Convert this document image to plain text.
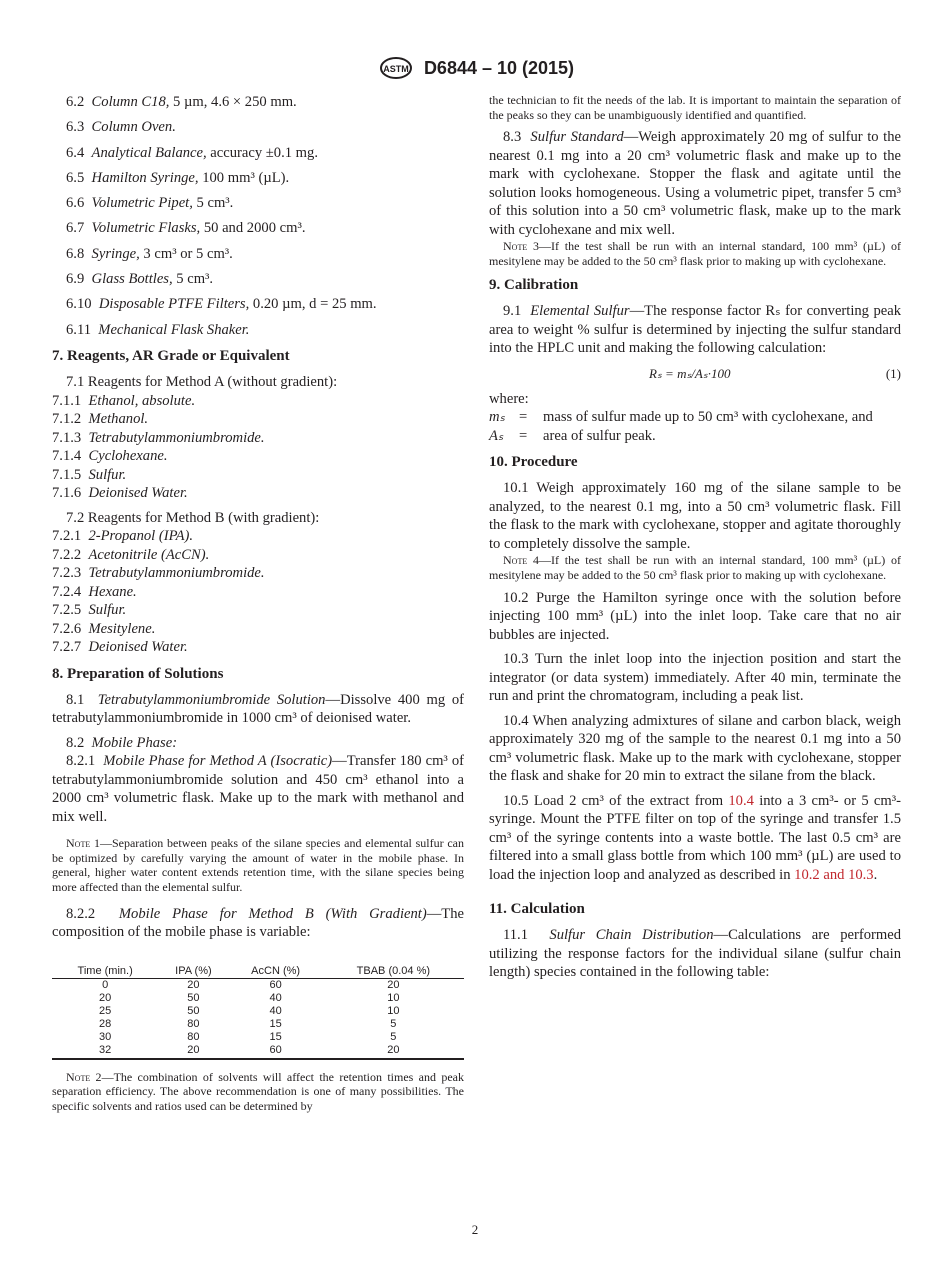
ASTM D6844 – 10 (2015)
6.2 Column C18, 5 µm, 4.6 × 250 mm.
6.3 Column Oven.
6.4 Analytical Balance, accuracy ±0.1 mg.
6.5 Hamilton Syringe, 100 mm³ (µL).
6.6 Volumetric Pipet, 5 cm³.
6.7 Volumetric Flasks, 50 and 2000 cm³.
6.8 Syringe, 3 cm³ or 5 cm³.
6.9 Glass Bottles, 5 cm³.
6.10 Disposable PTFE Filters, 0.20 µm, d = 25 mm.
6.11 Mechanical Flask Shaker.
7. Reagents, AR Grade or Equivalent
7.1 Reagents for Method A (without gradient):
7.1.1 Ethanol, absolute.
7.1.2 Methanol.
7.1.3 Tetrabutylammoniumbromide.
7.1.4 Cyclohexane.
7.1.5 Sulfur.
7.1.6 Deionised Water.
7.2 Reagents for Method B (with gradient):
7.2.1 2-Propanol (IPA).
7.2.2 Acetonitrile (AcCN).
7.2.3 Tetrabutylammoniumbromide.
7.2.4 Hexane.
7.2.5 Sulfur.
7.2.6 Mesitylene.
7.2.7 Deionised Water.
8. Preparation of Solutions

8.1 Tetrabutylammoniumbromide Solution—Dissolve 400 mg of tetrabutylammoniumbromide in 1000 cm³ of deionised water.

8.2 Mobile Phase:

8.2.1 Mobile Phase for Method A (Isocratic)—Transfer 180 cm³ of tetrabutylammoniumbromide solution and 450 cm³ ethanol into a 2000 cm³ volumetric flask. Make up to the mark with methanol and mix well.

Note 1—Separation between peaks of the silane species and elemental sulfur can be optimized by carefully varying the amount of water in the mobile phase. In general, higher water content extends retention time, with the silane species being more affected than the elemental sulfur.

8.2.2 Mobile Phase for Method B (With Gradient)—The composition of the mobile phase is variable:

Time (min.)	IPA (%)	AcCN (%)	TBAB (0.04 %)
0	20	60	20
20	50	40	10
25	50	40	10
28	80	15	5
30	80	15	5
32	20	60	20

Note 2—The combination of solvents will affect the retention times and peak separation efficiency. The above recommendation is one of many possibilities. The specific solvents and ratios used can be determined by

the technician to fit the needs of the lab. It is important to maintain the separation of the peaks so they can be unambiguously identified and quantified.

8.3 Sulfur Standard—Weigh approximately 20 mg of sulfur to the nearest 0.1 mg into a 20 cm³ volumetric flask and make up to the mark with cyclohexane. Stopper the flask and agitate until the solution looks homogeneous. Using a volumetric pipet, transfer 5 cm³ of this solution into a 50 cm³ volumetric flask, make up to the mark with cyclohexane and mix well.

Note 3—If the test shall be run with an internal standard, 100 mm³ (µL) of mesitylene may be added to the 50 cm³ flask prior to making up with cyclohexane.

9. Calibration

9.1 Elemental Sulfur—The response factor Rₛ for converting peak area to weight % sulfur is determined by injecting the sulfur standard into the HPLC unit and making the following calculation:

Rₛ = mₛ/Aₛ·100	(1)

where:

mₛ =	mass of sulfur made up to 50 cm³ with cyclohexane, and
Aₛ	=	area of sulfur peak.
10. Procedure

10.1 Weigh approximately 160 mg of the silane sample to be analyzed, to the nearest 0.1 mg, into a 50 cm³ volumetric flask. Fill the flask to the mark with cyclohexane, stopper and agitate thoroughly to completely dissolve the sample.

Note 4—If the test shall be run with an internal standard, 100 mm³ (µL) of mesitylene may be added to the 50 cm³ flask prior to making up with cyclohexane.

10.2 Purge the Hamilton syringe once with the solution before injecting 100 mm³ (µL) into the inlet loop. Take care that no air bubbles are injected.

10.3 Turn the inlet loop into the injection position and start the integrator (or data system) immediately. After 40 min, terminate the run and print the chromatogram, including a peak list.

10.4 When analyzing admixtures of silane and carbon black, weigh approximately 320 mg of the sample to the nearest 0.1 mg into a 50 cm³ volumetric flask. Make up to the mark with cyclohexane, stopper the flask and shake for 20 min to extract the silane from the black.

10.5 Load 2 cm³ of the extract from 10.4 into a 3 cm³- or 5 cm³-syringe. Mount the PTFE filter on top of the syringe and transfer 1.5 cm³ of the syringe contents into a waste bottle. The last 0.5 cm³ are filtered into a small glass bottle from which 100 mm³ (µL) are used to load the injection loop and analyzed as described in 10.2 and 10.3.

11. Calculation

11.1 Sulfur Chain Distribution—Calculations are performed utilizing the response factors for the individual silane (sulfur chain length) species contained in the following table:

2
